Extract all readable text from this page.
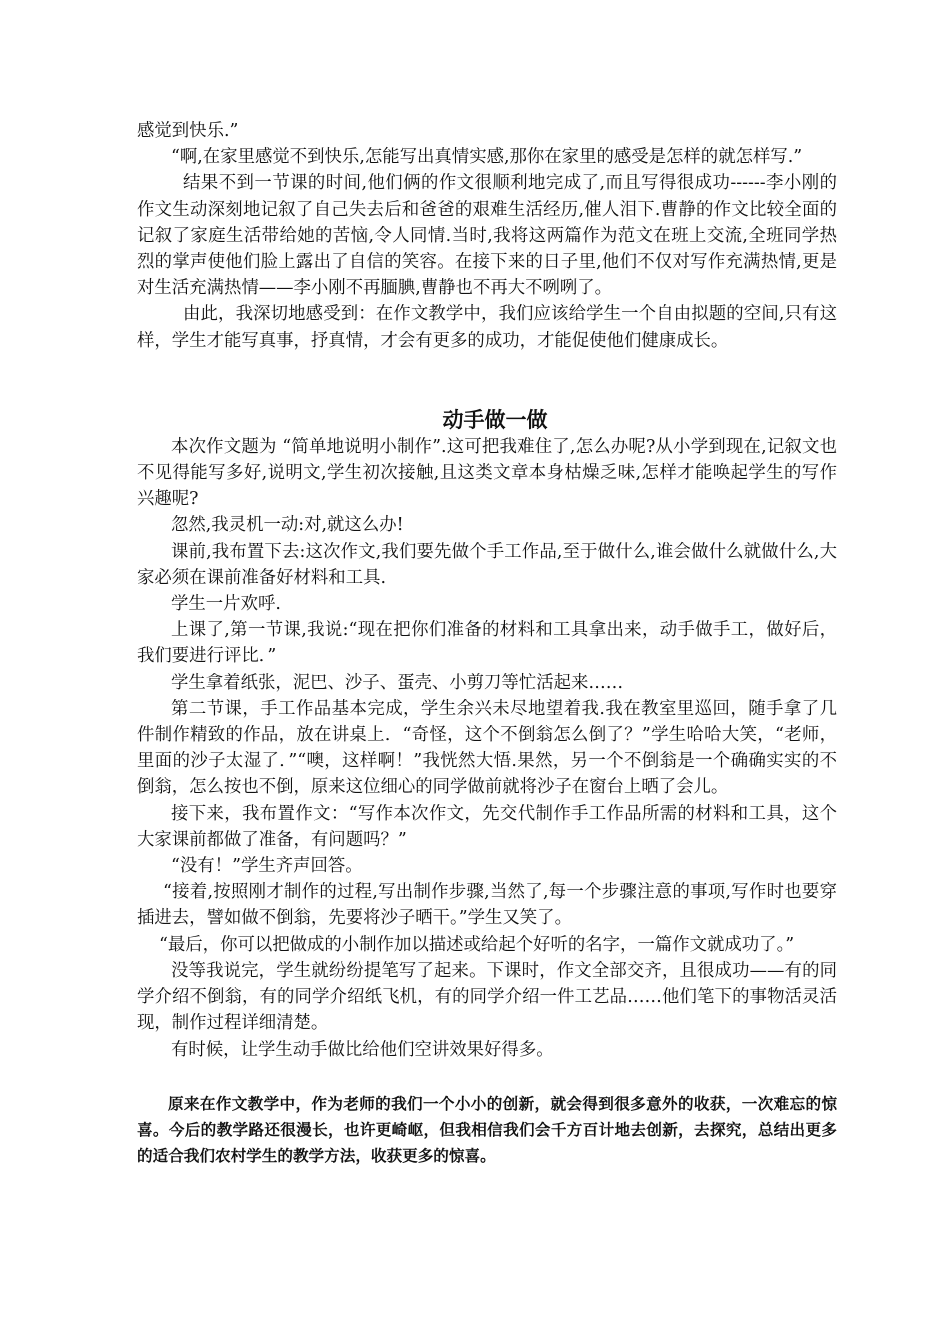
感觉到快乐.”

“啊,在家里感觉不到快乐,怎能写出真情实感,那你在家里的感受是怎样的就怎样写.”

结果不到一节课的时间,他们俩的作文很顺利地完成了,而且写得很成功------李小刚的作文生动深刻地记叙了自己失去后和爸爸的艰难生活经历,催人泪下.曹静的作文比较全面的记叙了家庭生活带给她的苦恼,令人同情.当时,我将这两篇作为范文在班上交流,全班同学热烈的掌声使他们脸上露出了自信的笑容。在接下来的日子里,他们不仅对写作充满热情,更是对生活充满热情——李小刚不再腼腆,曹静也不再大不咧咧了。

由此，我深切地感受到：在作文教学中，我们应该给学生一个自由拟题的空间,只有这样，学生才能写真事，抒真情，才会有更多的成功，才能促使他们健康成长。

动手做一做

本次作文题为 “简单地说明小制作”.这可把我难住了,怎么办呢?从小学到现在,记叙文也不见得能写多好,说明文,学生初次接触,且这类文章本身枯燥乏味,怎样才能唤起学生的写作兴趣呢?

忽然,我灵机一动:对,就这么办!

课前,我布置下去:这次作文,我们要先做个手工作品,至于做什么,谁会做什么就做什么,大家必须在课前准备好材料和工具.

学生一片欢呼.

上课了,第一节课,我说:“现在把你们准备的材料和工具拿出来，动手做手工，做好后，我们要进行评比．”

学生拿着纸张，泥巴、沙子、蛋壳、小剪刀等忙活起来……

第二节课，手工作品基本完成，学生余兴未尽地望着我.我在教室里巡回，随手拿了几件制作精致的作品，放在讲桌上．“奇怪，这个不倒翁怎么倒了？”学生哈哈大笑，“老师，里面的沙子太湿了．”“噢，这样啊！”我恍然大悟.果然，另一个不倒翁是一个确确实实的不倒翁，怎么按也不倒，原来这位细心的同学做前就将沙子在窗台上晒了会儿。

接下来，我布置作文：“写作本次作文，先交代制作手工作品所需的材料和工具，这个大家课前都做了准备，有问题吗？”

“没有！”学生齐声回答。

“接着,按照刚才制作的过程,写出制作步骤,当然了,每一个步骤注意的事项,写作时也要穿插进去，譬如做不倒翁，先要将沙子晒干。”学生又笑了。

“最后，你可以把做成的小制作加以描述或给起个好听的名字，一篇作文就成功了。”

没等我说完，学生就纷纷提笔写了起来。下课时，作文全部交齐，且很成功——有的同学介绍不倒翁，有的同学介绍纸飞机，有的同学介绍一件工艺品……他们笔下的事物活灵活现，制作过程详细清楚。

有时候，让学生动手做比给他们空讲效果好得多。

原来在作文教学中，作为老师的我们一个小小的创新，就会得到很多意外的收获，一次难忘的惊喜。今后的教学路还很漫长，也许更崎岖，但我相信我们会千方百计地去创新，去探究，总结出更多的适合我们农村学生的教学方法，收获更多的惊喜。
